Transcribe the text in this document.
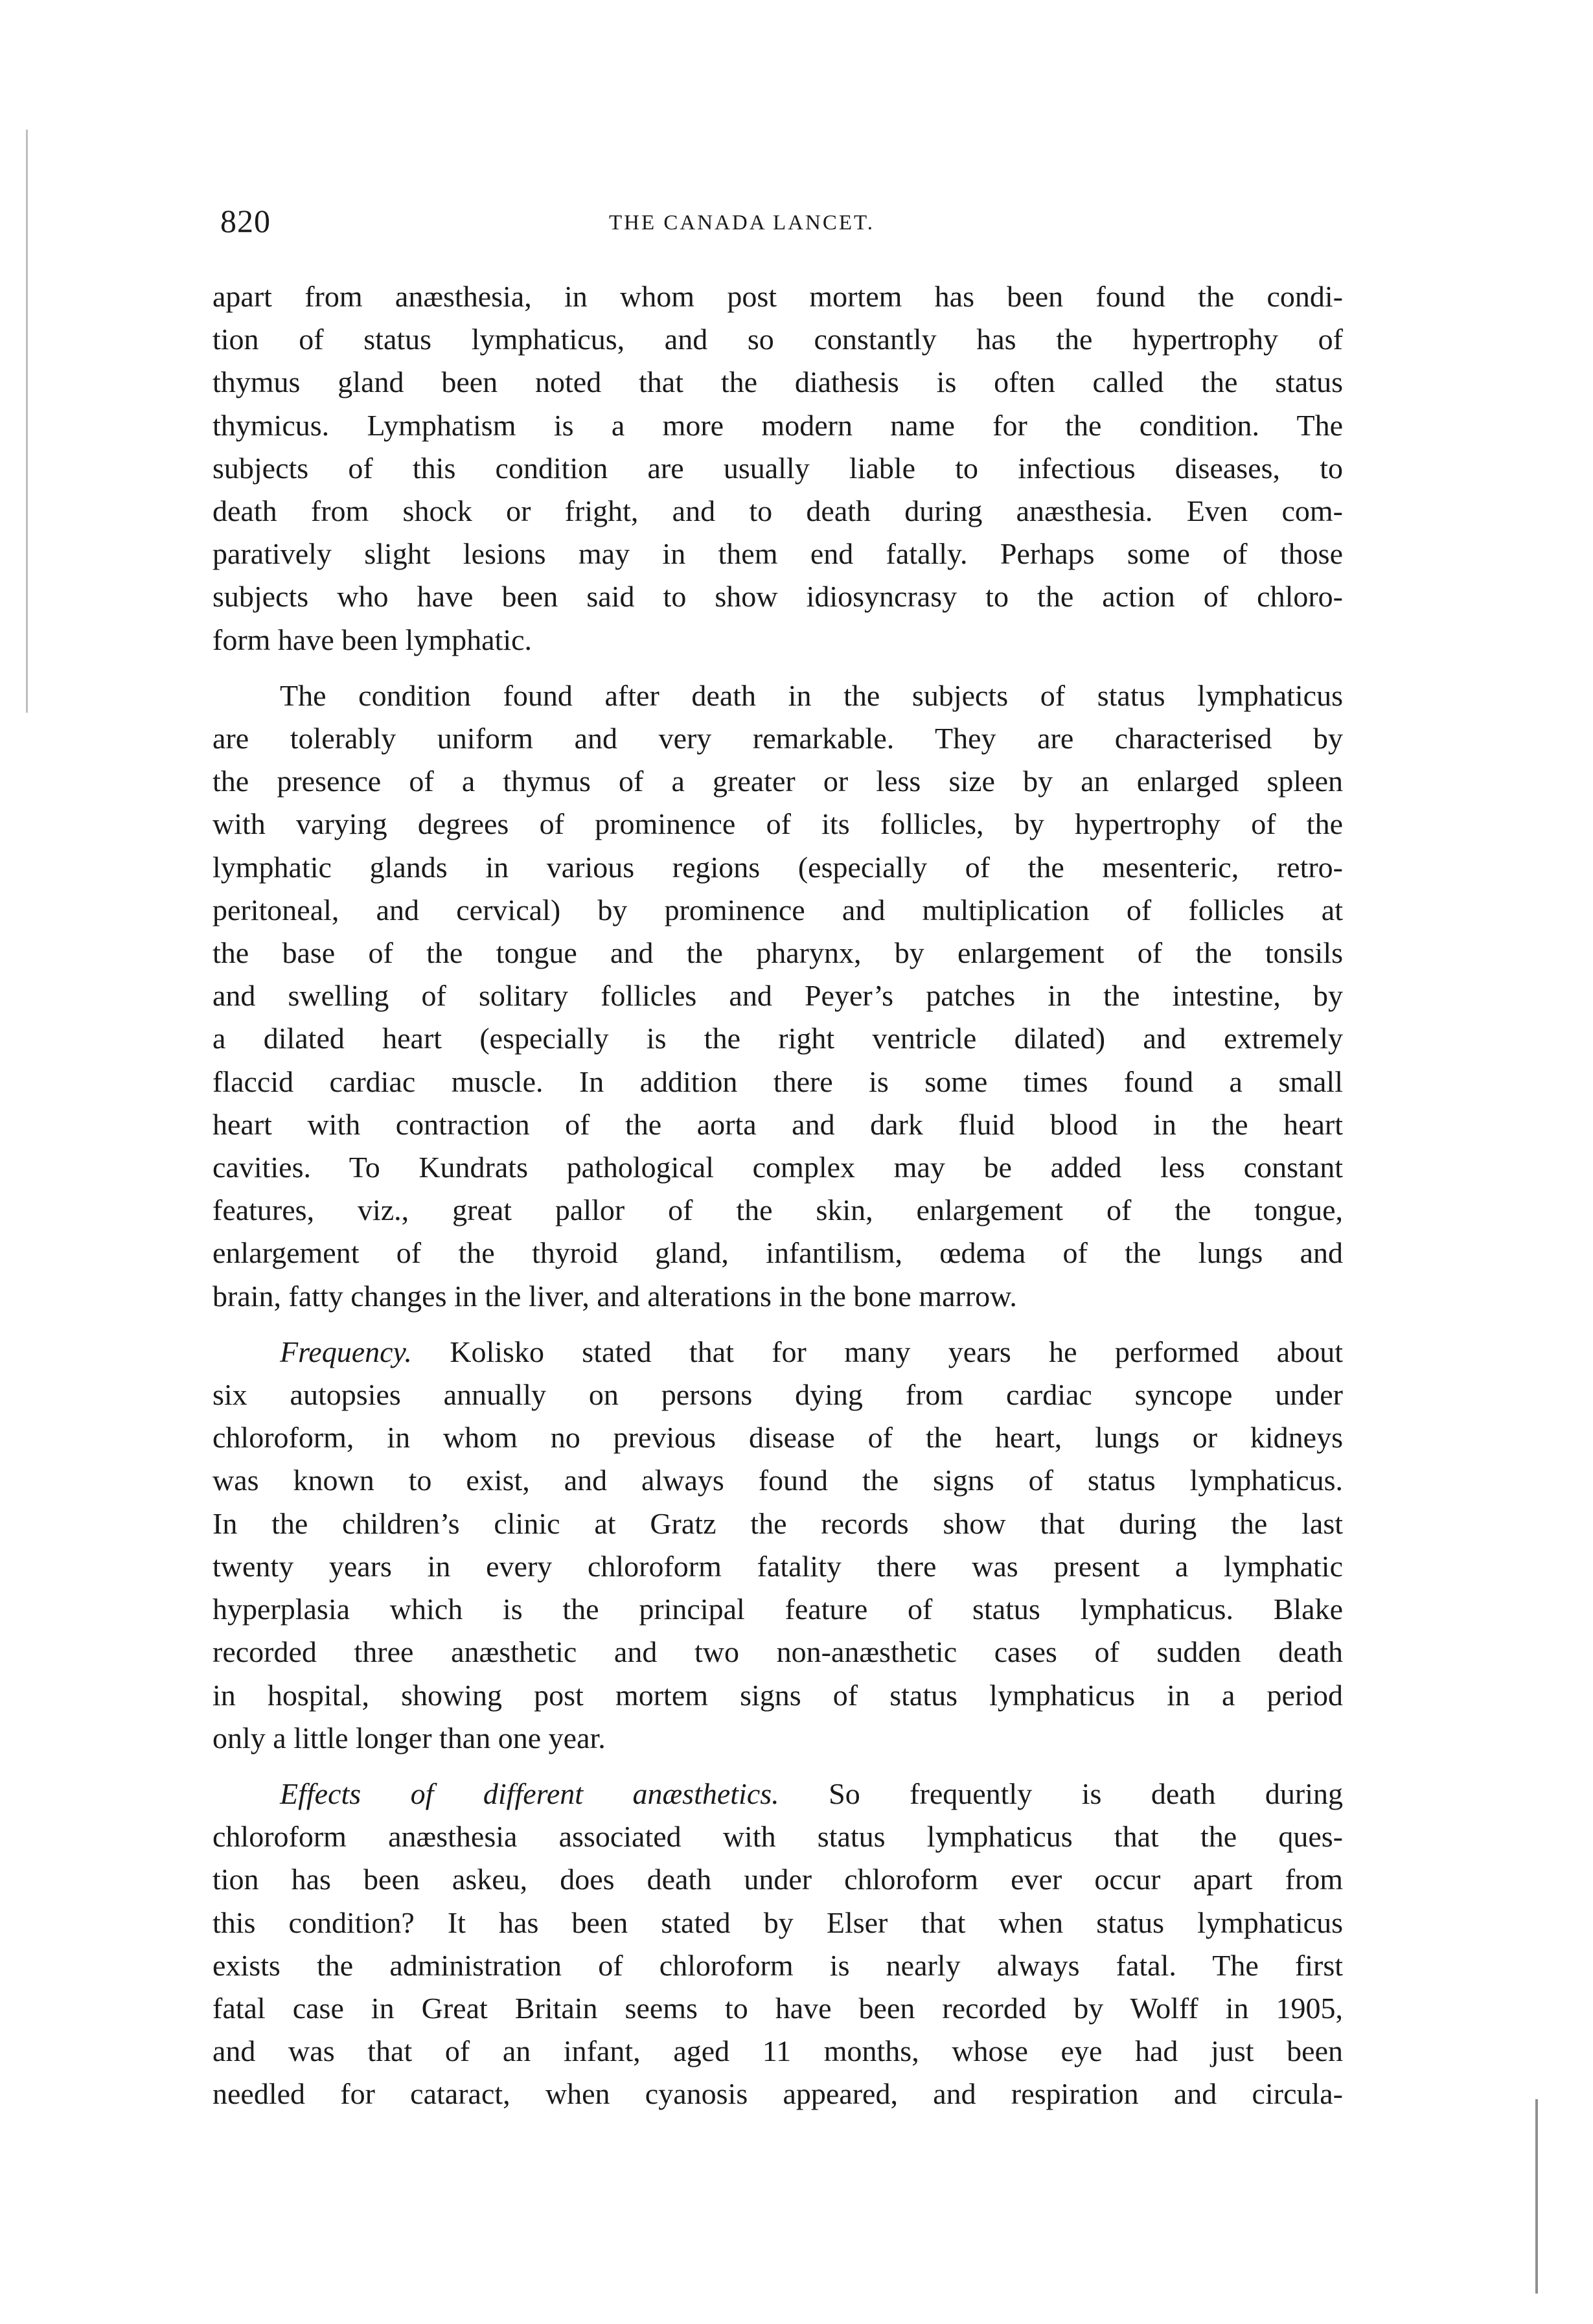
820	THE CANADA LANCET.

apart from anæsthesia, in whom post mortem has been found the condi-
tion of status lymphaticus, and so constantly has the hypertrophy of
thymus gland been noted that the diathesis is often called the status
thymicus. Lymphatism is a more modern name for the condition. The
subjects of this condition are usually liable to infectious diseases, to
death from shock or fright, and to death during anæsthesia. Even com-
paratively slight lesions may in them end fatally. Perhaps some of those
subjects who have been said to show idiosyncrasy to the action of chloro-
form have been lymphatic.

The condition found after death in the subjects of status lymphaticus
are tolerably uniform and very remarkable. They are characterised by
the presence of a thymus of a greater or less size by an enlarged spleen
with varying degrees of prominence of its follicles, by hypertrophy of the
lymphatic glands in various regions (especially of the mesenteric, retro-
peritoneal, and cervical) by prominence and multiplication of follicles at
the base of the tongue and the pharynx, by enlargement of the tonsils
and swelling of solitary follicles and Peyer’s patches in the intestine, by
a dilated heart (especially is the right ventricle dilated) and extremely
flaccid cardiac muscle. In addition there is some times found a small
heart with contraction of the aorta and dark fluid blood in the heart
cavities. To Kundrats pathological complex may be added less constant
features, viz., great pallor of the skin, enlargement of the tongue,
enlargement of the thyroid gland, infantilism, œdema of the lungs and
brain, fatty changes in the liver, and alterations in the bone marrow.

Frequency. Kolisko stated that for many years he performed about
six autopsies annually on persons dying from cardiac syncope under
chloroform, in whom no previous disease of the heart, lungs or kidneys
was known to exist, and always found the signs of status lymphaticus.
In the children’s clinic at Gratz the records show that during the last
twenty years in every chloroform fatality there was present a lymphatic
hyperplasia which is the principal feature of status lymphaticus. Blake
recorded three anæsthetic and two non-anæsthetic cases of sudden death
in hospital, showing post mortem signs of status lymphaticus in a period
only a little longer than one year.

Effects of different anæsthetics. So frequently is death during
chloroform anæsthesia associated with status lymphaticus that the ques-
tion has been askeu, does death under chloroform ever occur apart from
this condition? It has been stated by Elser that when status lymphaticus
exists the administration of chloroform is nearly always fatal. The first
fatal case in Great Britain seems to have been recorded by Wolff in 1905,
and was that of an infant, aged 11 months, whose eye had just been
needled for cataract, when cyanosis appeared, and respiration and circula-
